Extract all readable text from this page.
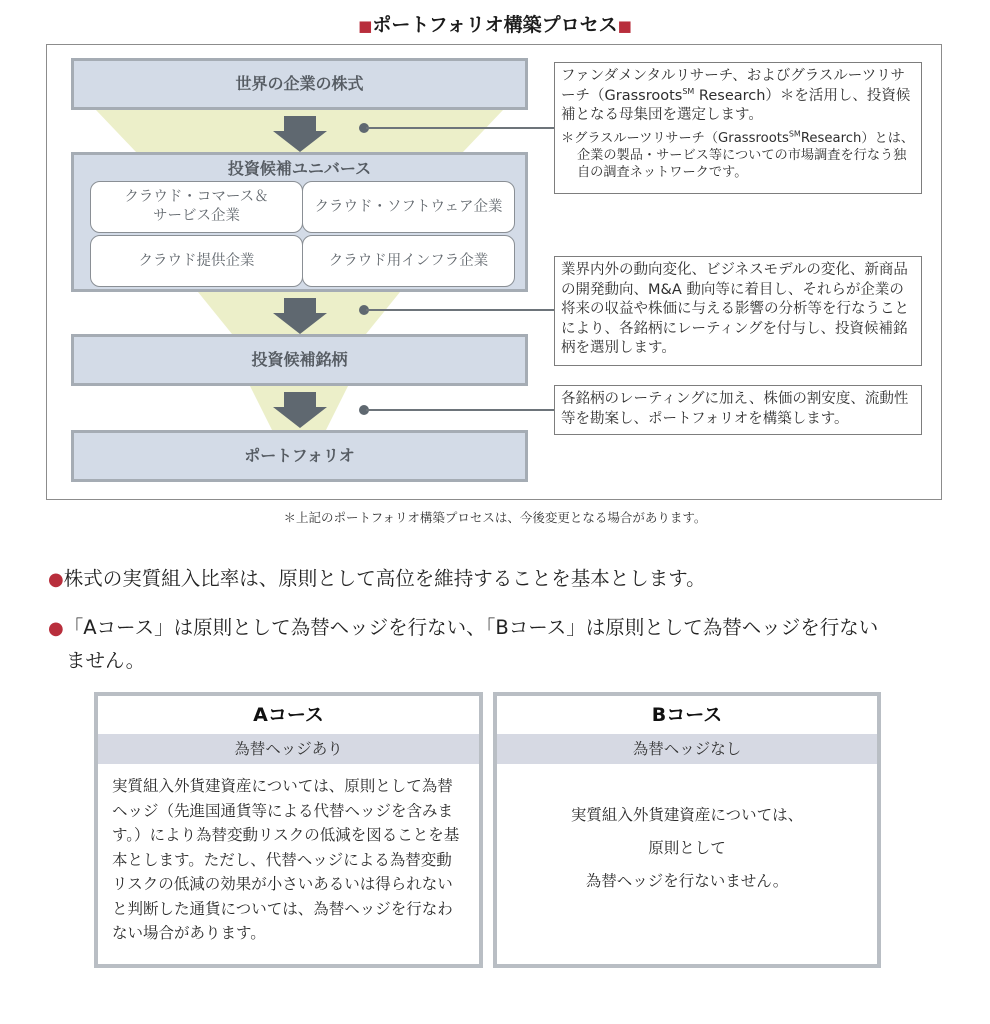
■ポートフォリオ構築プロセス■
世界の企業の株式
投資候補ユニバース
クラウド・コマース＆
サービス企業
クラウド・ソフトウェア企業
クラウド提供企業	クラウド用インフラ企業
投資候補銘柄
ポートフォリオ
ファンダメンタルリサーチ、およびグラスルーツリサーチ（Grassroots℠ Research）＊を活用し、投資候補となる母集団を選定します。
＊グラスルーツリサーチ（Grassroots℠Research）とは、
企業の製品・サービス等についての市場調査を行なう独自の調査ネットワークです。
業界内外の動向変化、ビジネスモデルの変化、新商品の開発動向、M&A 動向等に着目し、それらが企業の将来の収益や株価に与える影響の分析等を行なうことにより、各銘柄にレーティングを付与し、投資候補銘柄を選別します。
各銘柄のレーティングに加え、株価の割安度、流動性等を勘案し、ポートフォリオを構築します。
＊上記のポートフォリオ構築プロセスは、今後変更となる場合があります。
●株式の実質組入比率は、原則として高位を維持することを基本とします。
●「Aコース」は原則として為替ヘッジを行ない、「Bコース」は原則として為替ヘッジを行ない
ません。
Aコース
為替ヘッジあり
実質組入外貨建資産については、原則として為替ヘッジ（先進国通貨等による代替ヘッジを含みます。）により為替変動リスクの低減を図ることを基本とします。ただし、代替ヘッジによる為替変動リスクの低減の効果が小さいあるいは得られないと判断した通貨については、為替ヘッジを行なわない場合があります。
Bコース
為替ヘッジなし
実質組入外貨建資産については、
原則として
為替ヘッジを行ないません。
